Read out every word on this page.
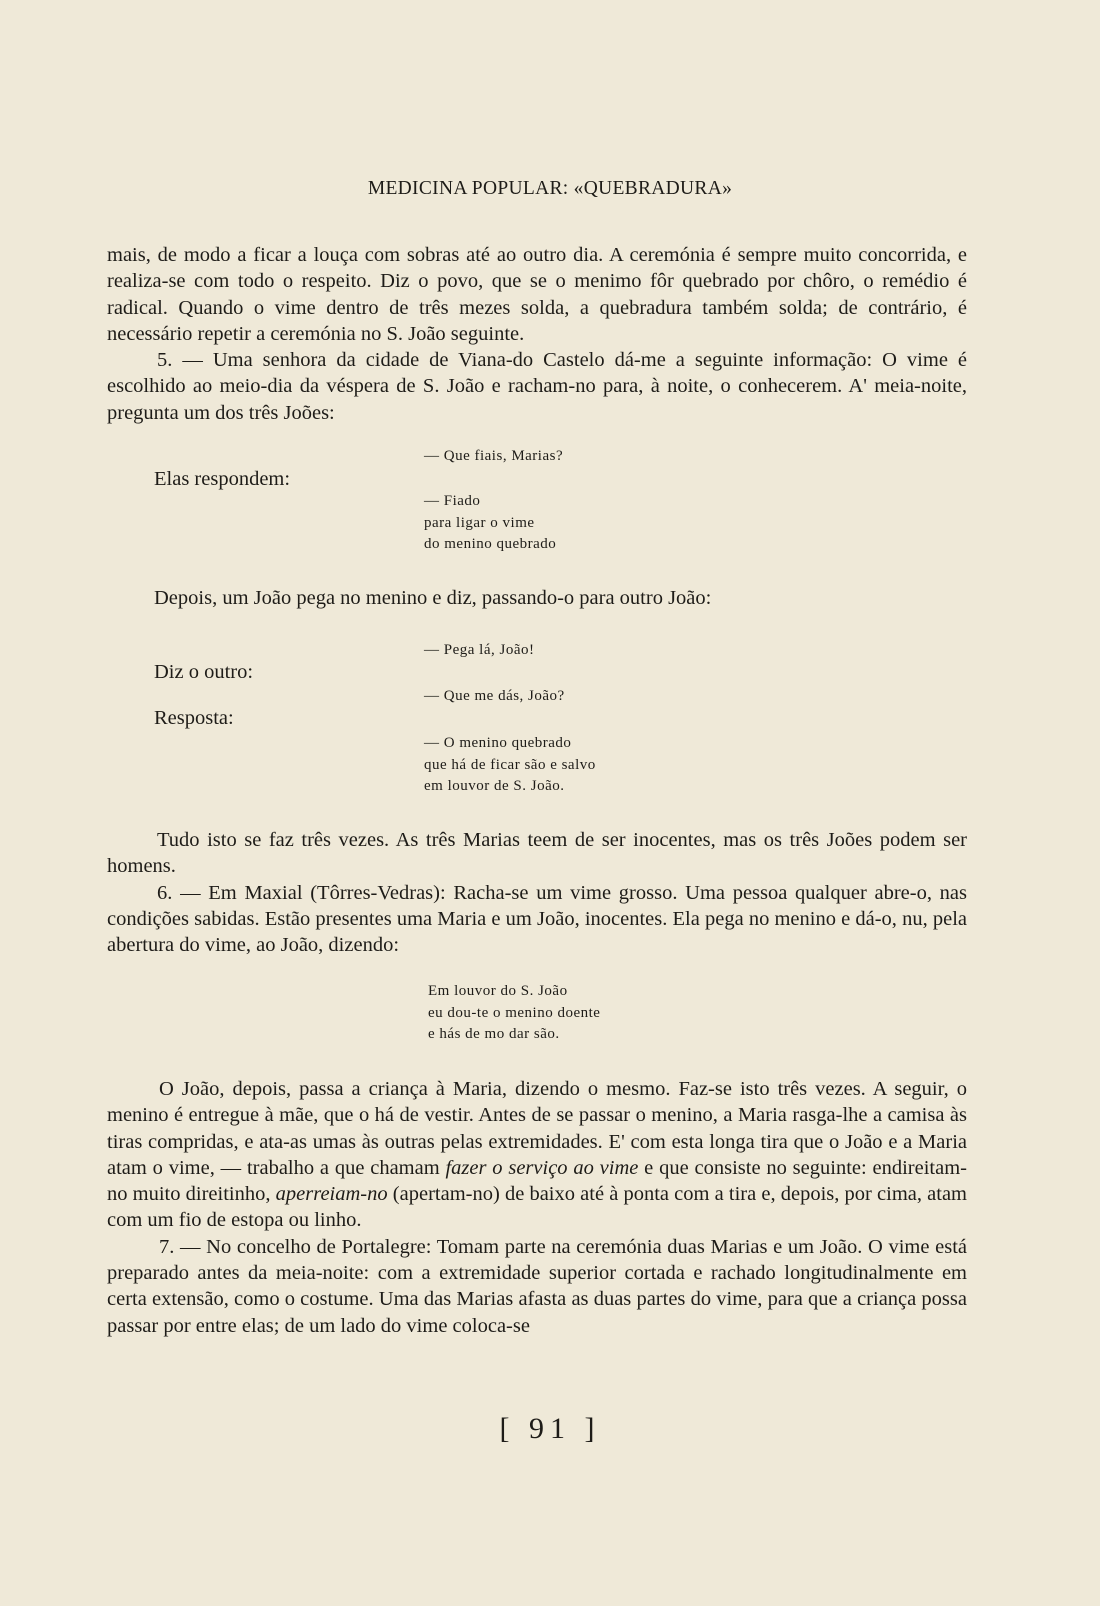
MEDICINA POPULAR: «QUEBRADURA»

mais, de modo a ficar a louça com sobras até ao outro dia. A ceremónia é sempre muito concorrida, e realiza-se com todo o respeito. Diz o povo, que se o menimo fôr quebrado por chôro, o remédio é radical. Quando o vime dentro de três mezes solda, a quebradura também solda; de contrário, é necessário repetir a ceremónia no S. João seguinte.

5. — Uma senhora da cidade de Viana-do Castelo dá-me a seguinte informação: O vime é escolhido ao meio-dia da véspera de S. João e racham-no para, à noite, o conhecerem. A' meia-noite, pregunta um dos três Joões:

— Que fiais, Marias?
Elas respondem:
— Fiado
para ligar o vime
do menino quebrado
Depois, um João pega no menino e diz, passando-o para outro João:
— Pega lá, João!
Diz o outro:
— Que me dás, João?
Resposta:
— O menino quebrado
que há de ficar são e salvo
em louvor de S. João.

Tudo isto se faz três vezes. As três Marias teem de ser inocentes, mas os três Joões podem ser homens.

6. — Em Maxial (Tôrres-Vedras): Racha-se um vime grosso. Uma pessoa qualquer abre-o, nas condições sabidas. Estão presentes uma Maria e um João, inocentes. Ela pega no menino e dá-o, nu, pela abertura do vime, ao João, dizendo:

Em louvor do S. João
eu dou-te o menino doente
e hás de mo dar são.

O João, depois, passa a criança à Maria, dizendo o mesmo. Faz-se isto três vezes. A seguir, o menino é entregue à mãe, que o há de vestir. Antes de se passar o menino, a Maria rasga-lhe a camisa às tiras compridas, e ata-as umas às outras pelas extremidades. E' com esta longa tira que o João e a Maria atam o vime, — trabalho a que chamam fazer o serviço ao vime e que consiste no seguinte: endireitam-no muito direitinho, aperreiam-no (apertam-no) de baixo até à ponta com a tira e, depois, por cima, atam com um fio de estopa ou linho.

7. — No concelho de Portalegre: Tomam parte na ceremónia duas Marias e um João. O vime está preparado antes da meia-noite: com a extremidade superior cortada e rachado longitudinalmente em certa extensão, como o costume. Uma das Marias afasta as duas partes do vime, para que a criança possa passar por entre elas; de um lado do vime coloca-se

[ 91 ]
